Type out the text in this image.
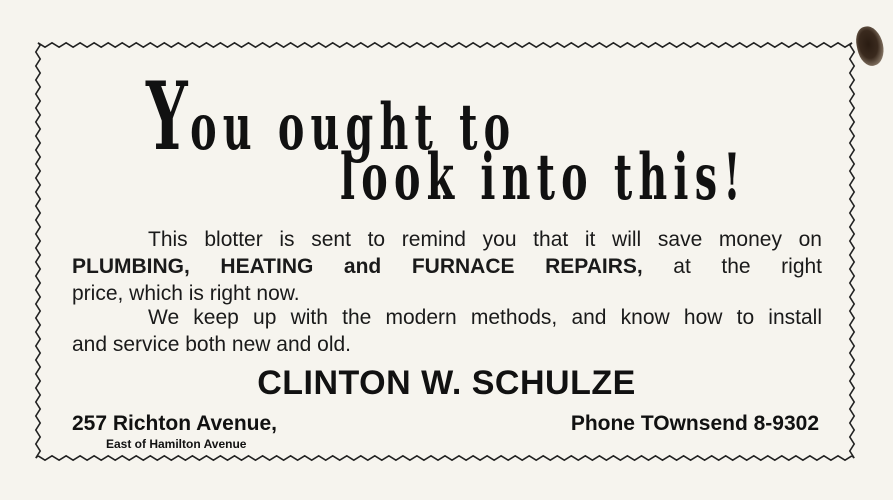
You ought to
look into this!

This blotter is sent to remind you that it will save money on
PLUMBING, HEATING and FURNACE REPAIRS, at the right
price, which is right now.

We keep up with the modern methods, and know how to install
and service both new and old.

CLINTON W. SCHULZE
257 Richton Avenue,
East of Hamilton Avenue
Phone TOwnsend 8-9302
